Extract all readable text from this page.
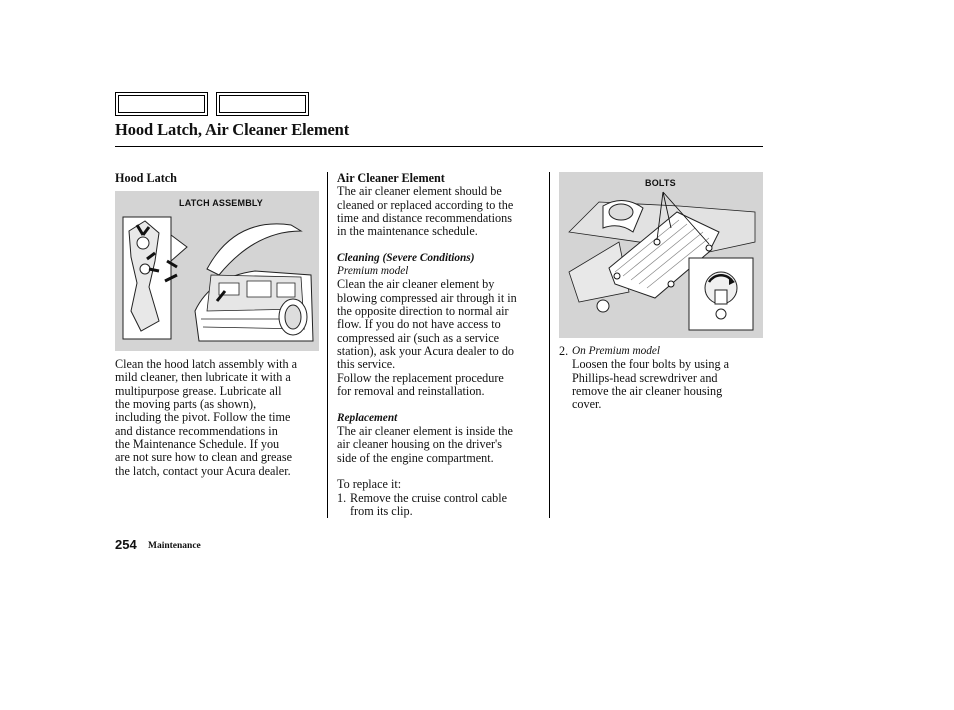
Hood Latch, Air Cleaner Element

Hood Latch

LATCH ASSEMBLY

Clean the hood latch assembly with a

mild cleaner, then lubricate it with a

multipurpose grease. Lubricate all

the moving parts (as shown),

including the pivot. Follow the time

and distance recommendations in

the Maintenance Schedule. If you

are not sure how to clean and grease

the latch, contact your Acura dealer.

Air Cleaner Element

The air cleaner element should be

cleaned or replaced according to the

time and distance recommendations

in the maintenance schedule.

Cleaning (Severe Conditions)

Premium model

Clean the air cleaner element by

blowing compressed air through it in

the opposite direction to normal air

flow. If you do not have access to

compressed air (such as a service

station), ask your Acura dealer to do

this service.

Follow the replacement procedure

for removal and reinstallation.

Replacement

The air cleaner element is inside the

air cleaner housing on the driver's

side of the engine compartment.

To replace it:

1. Remove the cruise control cable

from its clip.

BOLTS
2. On Premium model

Loosen the four bolts by using a

Phillips-head screwdriver and

remove the air cleaner housing

cover.

254 Maintenance
